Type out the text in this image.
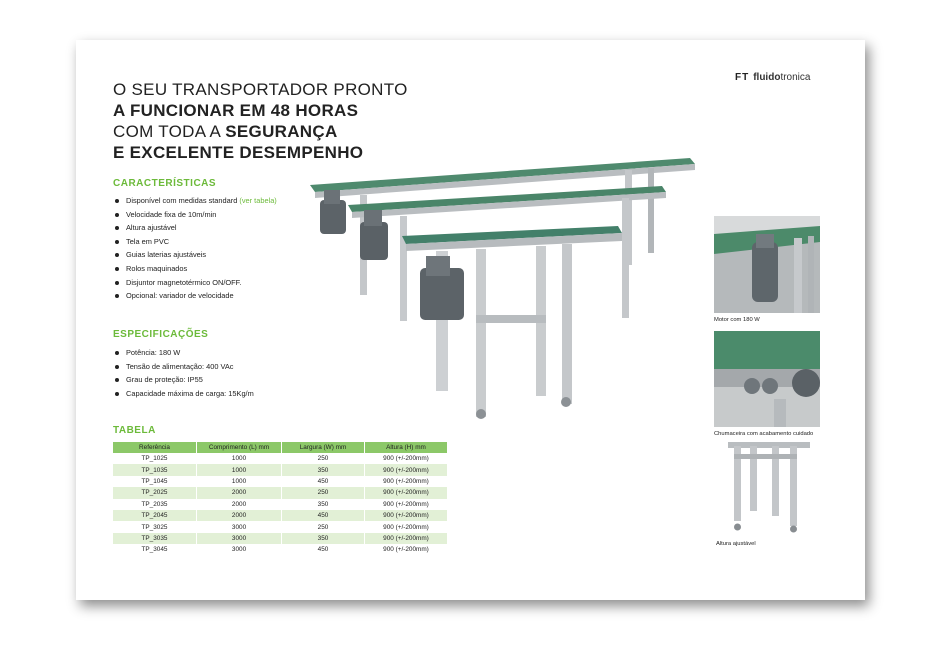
FT fluidotronica
O SEU TRANSPORTADOR PRONTO
A FUNCIONAR EM 48 HORAS
COM TODA A SEGURANÇA
E EXCELENTE DESEMPENHO
CARACTERÍSTICAS
Disponível com medidas standard (ver tabela)
Velocidade fixa de 10m/min
Altura ajustável
Tela em PVC
Guias laterias ajustáveis
Rolos maquinados
Disjuntor magnetotérmico ON/OFF.
Opcional: variador de velocidade
ESPECIFICAÇÕES
Potência: 180 W
Tensão de alimentação: 400 VAc
Grau de proteção: IP55
Capacidade máxima de carga: 15Kg/m
TABELA
Referência	Comprimento (L) mm	Largura (W) mm	Altura (H) mm
TP_1025	1000	250	900 (+/-200mm)
TP_1035	1000	350	900 (+/-200mm)
TP_1045	1000	450	900 (+/-200mm)
TP_2025	2000	250	900 (+/-200mm)
TP_2035	2000	350	900 (+/-200mm)
TP_2045	2000	450	900 (+/-200mm)
TP_3025	3000	250	900 (+/-200mm)
TP_3035	3000	350	900 (+/-200mm)
TP_3045	3000	450	900 (+/-200mm)
Motor com 180 W
Chumaceira com acabamento cuidado
Altura ajustável
